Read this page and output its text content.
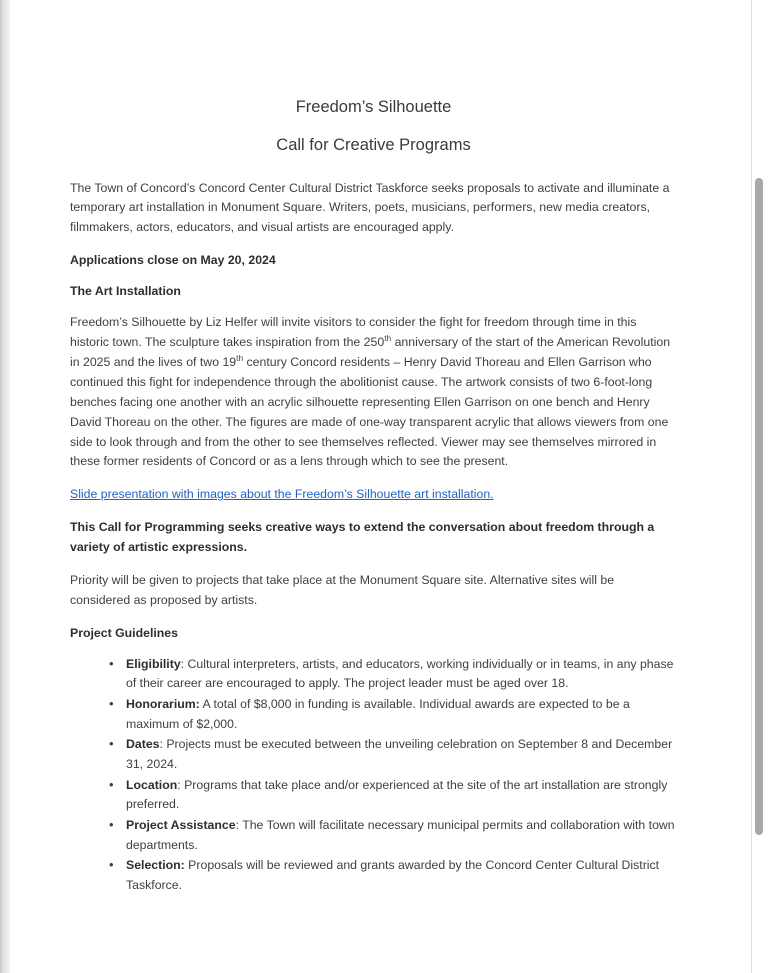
Freedom’s Silhouette
Call for Creative Programs

The Town of Concord’s Concord Center Cultural District Taskforce seeks proposals to activate and illuminate a temporary art installation in Monument Square. Writers, poets, musicians, performers, new media creators, filmmakers, actors, educators, and visual artists are encouraged apply.

Applications close on May 20, 2024

The Art Installation

Freedom’s Silhouette by Liz Helfer will invite visitors to consider the fight for freedom through time in this historic town. The sculpture takes inspiration from the 250th anniversary of the start of the American Revolution in 2025 and the lives of two 19th century Concord residents – Henry David Thoreau and Ellen Garrison who continued this fight for independence through the abolitionist cause. The artwork consists of two 6-foot-long benches facing one another with an acrylic silhouette representing Ellen Garrison on one bench and Henry David Thoreau on the other. The figures are made of one-way transparent acrylic that allows viewers from one side to look through and from the other to see themselves reflected. Viewer may see themselves mirrored in these former residents of Concord or as a lens through which to see the present.

Slide presentation with images about the Freedom’s Silhouette art installation.

This Call for Programming seeks creative ways to extend the conversation about freedom through a variety of artistic expressions.

Priority will be given to projects that take place at the Monument Square site. Alternative sites will be considered as proposed by artists.

Project Guidelines

• Eligibility: Cultural interpreters, artists, and educators, working individually or in teams, in any phase of their career are encouraged to apply. The project leader must be aged over 18.
• Honorarium: A total of $8,000 in funding is available. Individual awards are expected to be a maximum of $2,000.
• Dates: Projects must be executed between the unveiling celebration on September 8 and December 31, 2024.
• Location: Programs that take place and/or experienced at the site of the art installation are strongly preferred.
• Project Assistance: The Town will facilitate necessary municipal permits and collaboration with town departments.
• Selection: Proposals will be reviewed and grants awarded by the Concord Center Cultural District Taskforce.
